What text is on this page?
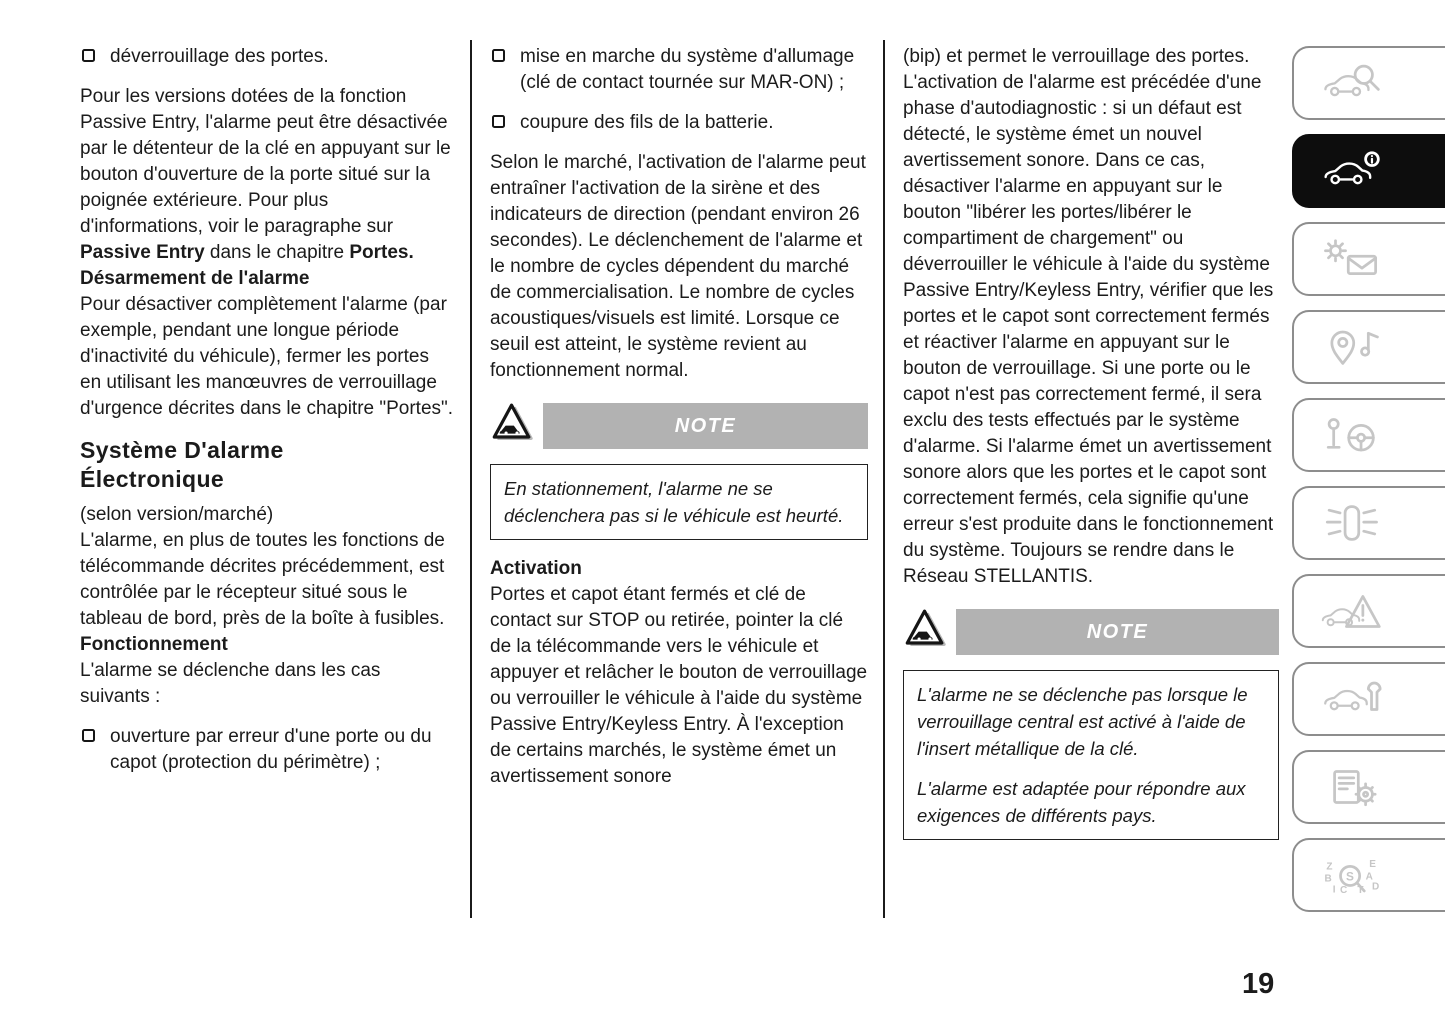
déverrouillage des portes.

Pour les versions dotées de la fonction Passive Entry, l'alarme peut être désactivée par le détenteur de la clé en appuyant sur le bouton d'ouverture de la porte situé sur la poignée extérieure. Pour plus d'informations, voir le paragraphe sur Passive Entry dans le chapitre Portes.

Désarmement de l'alarme

Pour désactiver complètement l'alarme (par exemple, pendant une longue période d'inactivité du véhicule), fermer les portes en utilisant les manœuvres de verrouillage d'urgence décrites dans le chapitre "Portes".

Système D'alarme
Électronique

(selon version/marché)

L'alarme, en plus de toutes les fonctions de télécommande décrites précédemment, est contrôlée par le récepteur situé sous le tableau de bord, près de la boîte à fusibles.

Fonctionnement

L'alarme se déclenche dans les cas suivants :

ouverture par erreur d'une porte ou du capot (protection du périmètre) ;
mise en marche du système d'allumage (clé de contact tournée sur MAR-ON) ;
coupure des fils de la batterie.

Selon le marché, l'activation de l'alarme peut entraîner l'activation de la sirène et des indicateurs de direction (pendant environ 26 secondes). Le déclenchement de l'alarme et le nombre de cycles dépendent du marché de commercialisation. Le nombre de cycles acoustiques/visuels est limité. Lorsque ce seuil est atteint, le système revient au fonctionnement normal.

NOTE

En stationnement, l'alarme ne se déclenchera pas si le véhicule est heurté.

Activation

Portes et capot étant fermés et clé de contact sur STOP ou retirée, pointer la clé de la télécommande vers le véhicule et appuyer et relâcher le bouton de verrouillage ou verrouiller le véhicule à l'aide du système Passive Entry/Keyless Entry. À l'exception de certains marchés, le système émet un avertissement sonore

(bip) et permet le verrouillage des portes. L'activation de l'alarme est précédée d'une phase d'autodiagnostic : si un défaut est détecté, le système émet un nouvel avertissement sonore. Dans ce cas, désactiver l'alarme en appuyant sur le bouton "libérer les portes/libérer le compartiment de chargement" ou déverrouiller le véhicule à l'aide du système Passive Entry/Keyless Entry, vérifier que les portes et le capot sont correctement fermés et réactiver l'alarme en appuyant sur le bouton de verrouillage. Si une porte ou le capot n'est pas correctement fermé, il sera exclu des tests effectués par le système d'alarme. Si l'alarme émet un avertissement sonore alors que les portes et le capot sont correctement fermés, cela signifie qu'une erreur s'est produite dans le fonctionnement du système. Toujours se rendre dans le Réseau STELLANTIS.

NOTE

L'alarme ne se déclenche pas lorsque le verrouillage central est activé à l'aide de l'insert métallique de la clé.

L'alarme est adaptée pour répondre aux exigences de différents pays.

Z	E
B	A
D
I C T
S
19
